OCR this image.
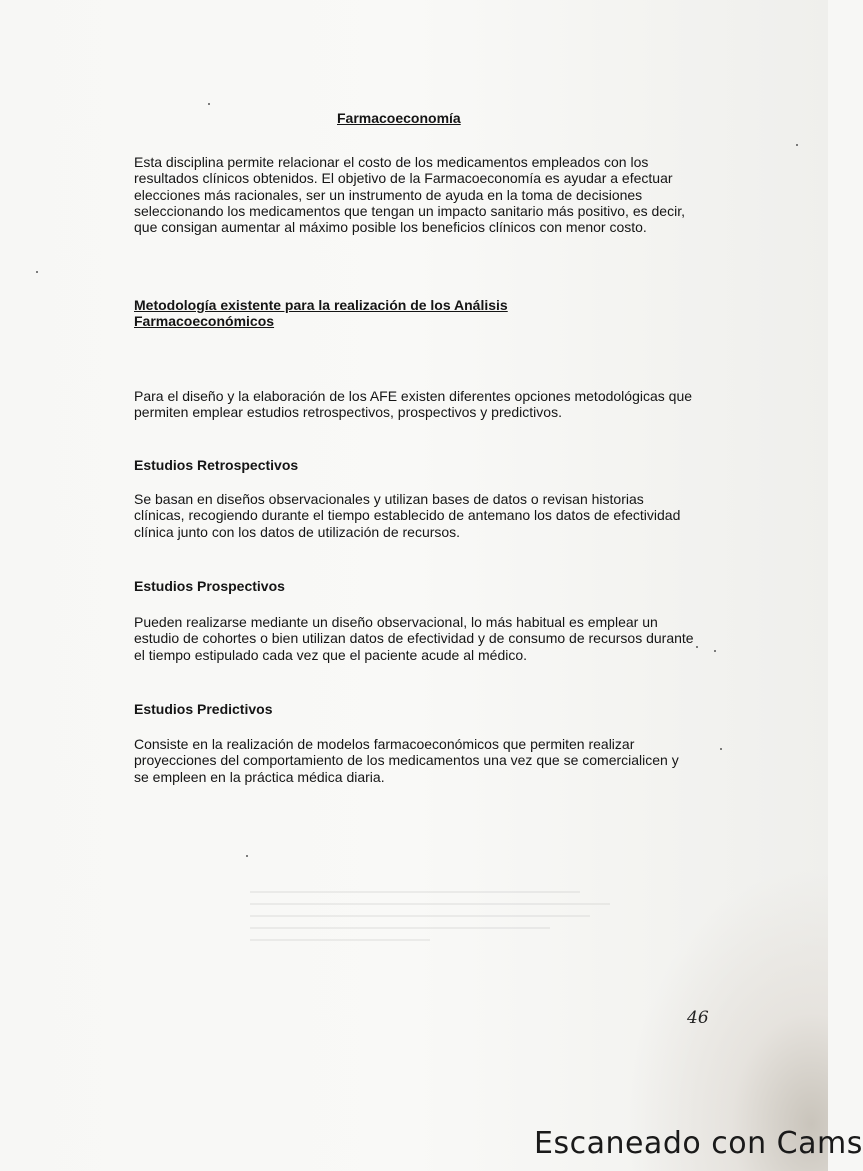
Farmacoeconomía

Esta disciplina permite relacionar el costo de los medicamentos empleados con los resultados clínicos obtenidos. El objetivo de la Farmacoeconomía es ayudar a efectuar elecciones más racionales, ser un instrumento de ayuda en la toma de decisiones seleccionando los medicamentos que tengan un impacto sanitario más positivo, es decir, que consigan aumentar al máximo posible los beneficios clínicos con menor costo.

Metodología existente para la realización de los Análisis Farmacoeconómicos

Para el diseño y la elaboración de los AFE existen diferentes opciones metodológicas que permiten emplear estudios retrospectivos, prospectivos y predictivos.

Estudios Retrospectivos

Se basan en diseños observacionales y utilizan bases de datos o revisan historias clínicas, recogiendo durante el tiempo establecido de antemano los datos de efectividad clínica junto con los datos de utilización de recursos.

Estudios Prospectivos

Pueden realizarse mediante un diseño observacional, lo más habitual es emplear un estudio de cohortes o bien utilizan datos de efectividad y de consumo de recursos durante el tiempo estipulado cada vez que el paciente acude al médico.

Estudios Predictivos

Consiste en la realización de modelos farmacoeconómicos que permiten realizar proyecciones del comportamiento de los medicamentos una vez que se comercialicen y se empleen en la práctica médica diaria.

46
Escaneado con Cams
